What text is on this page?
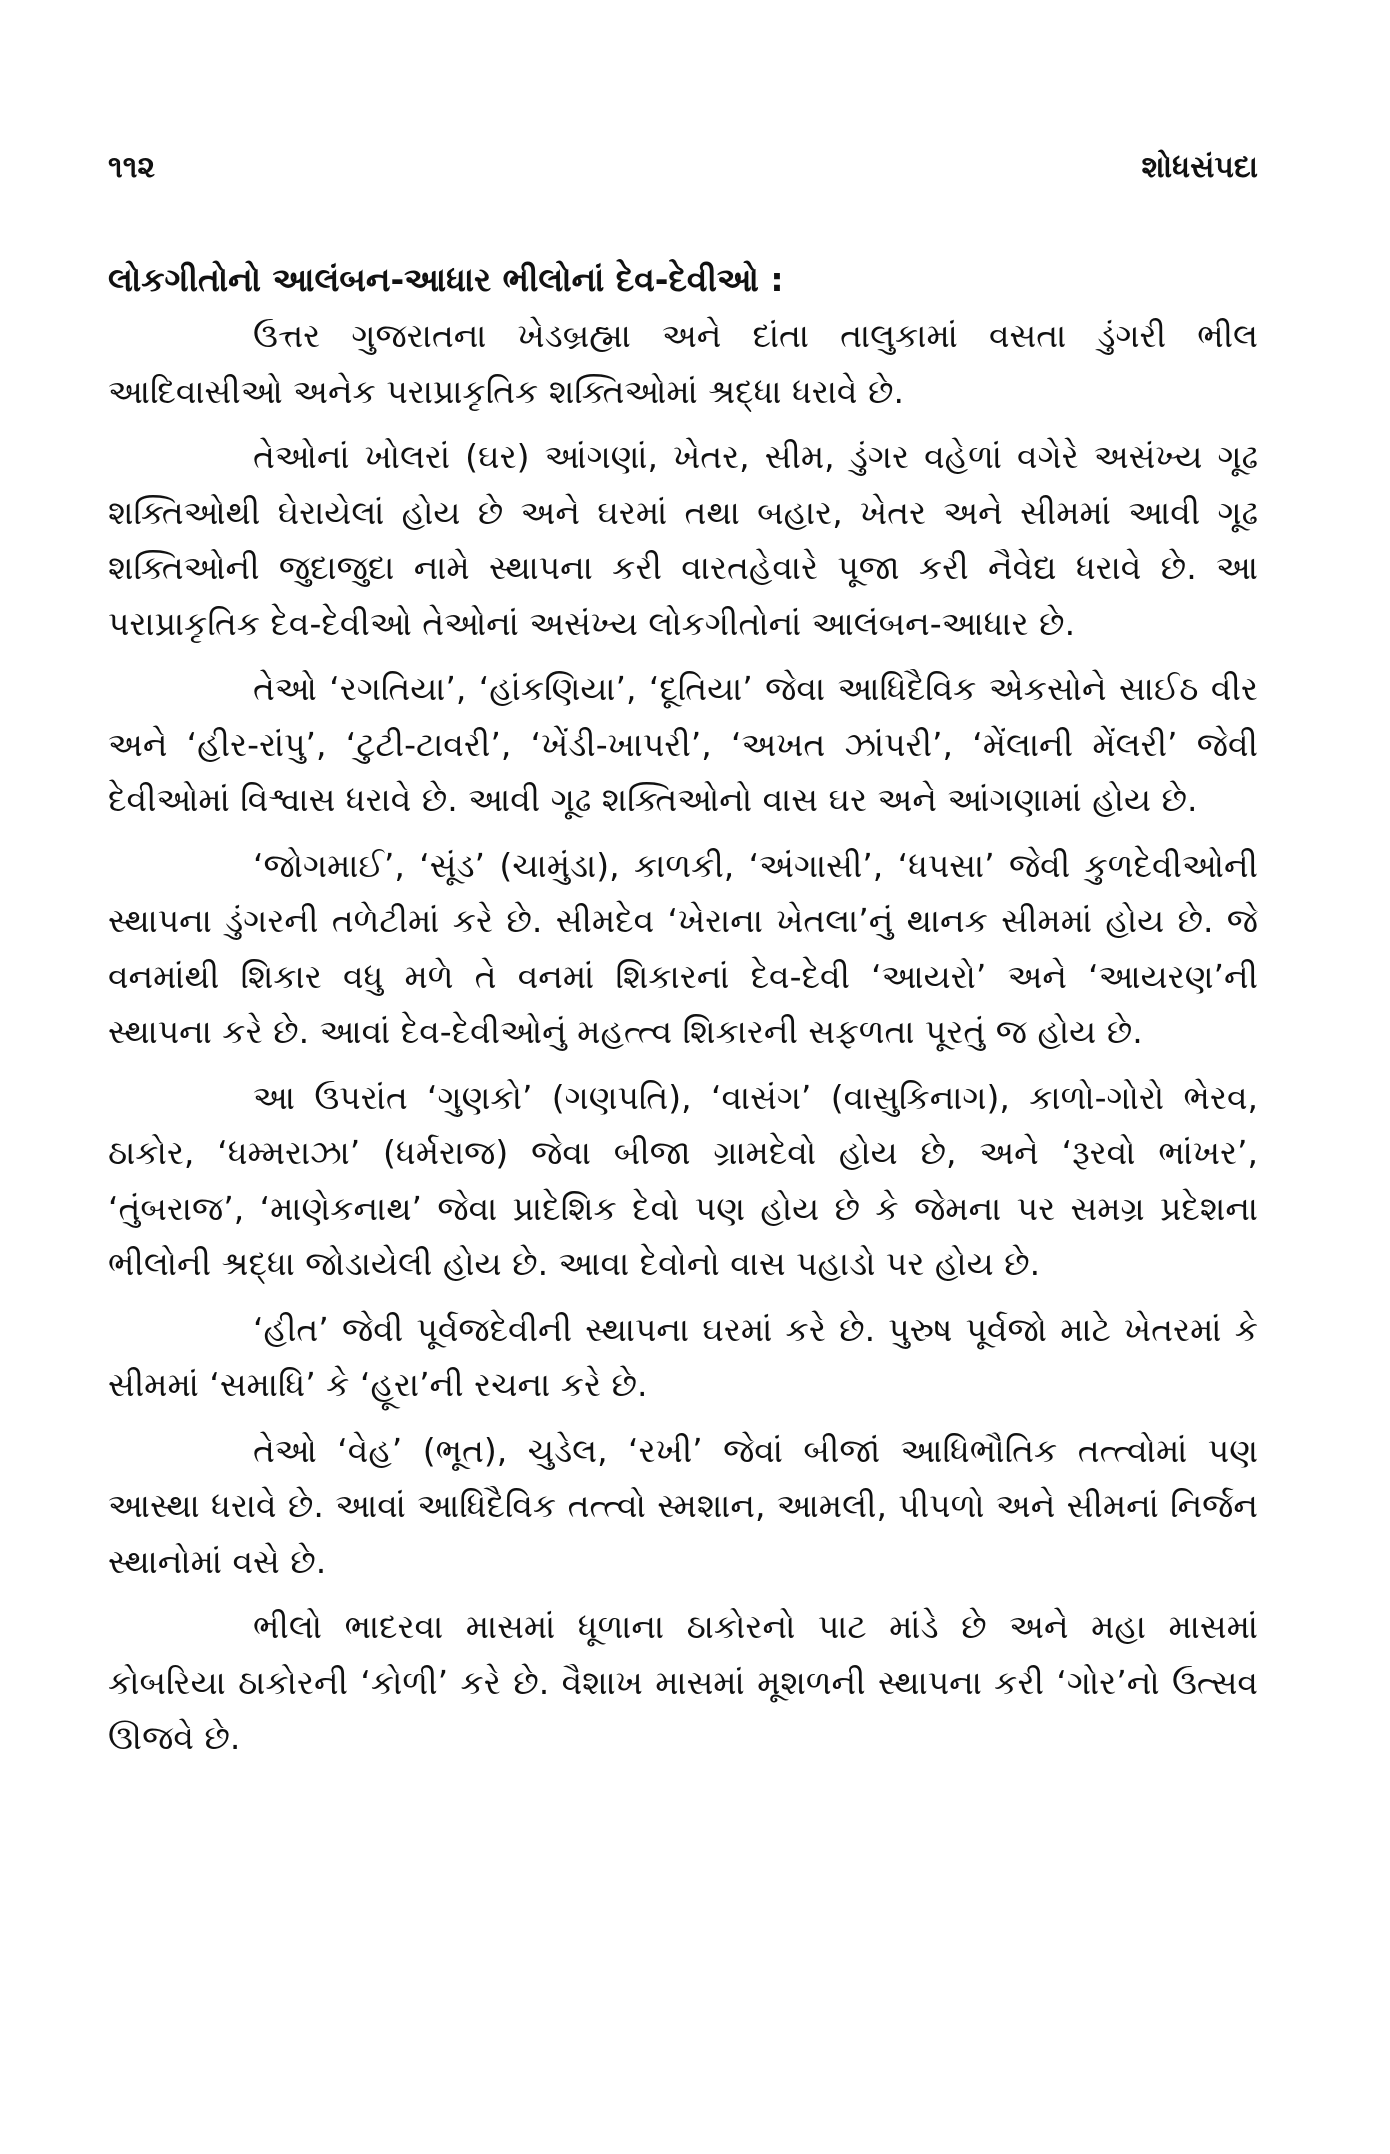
૧૧૨	શોધસંપદા
લોકગીતોનો આલંબન-આધાર ભીલોનાં દેવ-દેવીઓ :

ઉત્તર ગુજરાતના ખેડબ્રહ્મા અને દાંતા તાલુકામાં વસતા ડુંગરી ભીલ આદિવાસીઓ અનેક પરાપ્રાકૃતિક શક્તિઓમાં શ્રદ્ધા ધરાવે છે.

તેઓનાં ખોલરાં (ઘર) આંગણાં, ખેતર, સીમ, ડુંગર વહેળાં વગેરે અસંખ્ય ગૂઢ શક્તિઓથી ઘેરાયેલાં હોય છે અને ઘરમાં તથા બહાર, ખેતર અને સીમમાં આવી ગૂઢ શક્તિઓની જુદાજુદા નામે સ્થાપના કરી વારતહેવારે પૂજા કરી નૈવેદ્ય ધરાવે છે. આ પરાપ્રાકૃતિક દેવ-દેવીઓ તેઓનાં અસંખ્ય લોકગીતોનાં આલંબન-આધાર છે.

તેઓ ‘રગતિયા’, ‘હાંકણિયા’, ‘દૂતિયા’ જેવા આધિદૈવિક એકસોને સાઈઠ વીર અને ‘હીર-રાંપુ’, ‘ટુટી-ટાવરી’, ‘ખેંડી-ખાપરી’, ‘અખત ઝાંપરી’, ‘મેંલાની મેંલરી’ જેવી દેવીઓમાં વિશ્વાસ ધરાવે છે. આવી ગૂઢ શક્તિઓનો વાસ ઘર અને આંગણામાં હોય છે.

‘જોગમાઈ’, ‘સૂંડ’ (ચામુંડા), કાળકી, ‘અંગાસી’, ‘ધપસા’ જેવી કુળદેવીઓની સ્થાપના ડુંગરની તળેટીમાં કરે છે. સીમદેવ ‘ખેરાના ખેતલા’નું થાનક સીમમાં હોય છે. જે વનમાંથી શિકાર વધુ મળે તે વનમાં શિકારનાં દેવ-દેવી ‘આયરો’ અને ‘આયરણ’ની સ્થાપના કરે છે. આવાં દેવ-દેવીઓનું મહત્ત્વ શિકારની સફળતા પૂરતું જ હોય છે.

આ ઉપરાંત ‘ગુણકો’ (ગણપતિ), ‘વાસંગ’ (વાસુકિનાગ), કાળો-ગોરો ભેરવ, ઠાકોર, ‘ધમ્મરાઝા’ (ધર્મરાજ) જેવા બીજા ગ્રામદેવો હોય છે, અને ‘રૂરવો ભાંખર’, ‘તુંબરાજ’, ‘માણેકનાથ’ જેવા પ્રાદેશિક દેવો પણ હોય છે કે જેમના પર સમગ્ર પ્રદેશના ભીલોની શ્રદ્ધા જોડાયેલી હોય છે. આવા દેવોનો વાસ પહાડો પર હોય છે.

‘હીત’ જેવી પૂર્વજદેવીની સ્થાપના ઘરમાં કરે છે. પુરુષ પૂર્વજો માટે ખેતરમાં કે સીમમાં ‘સમાધિ’ કે ‘હૂરા’ની રચના કરે છે.

તેઓ ‘વેહ’ (ભૂત), ચુડેલ, ‘રખી’ જેવાં બીજાં આધિભૌતિક તત્ત્વોમાં પણ આસ્થા ધરાવે છે. આવાં આધિદૈવિક તત્ત્વો સ્મશાન, આમલી, પીપળો અને સીમનાં નિર્જન સ્થાનોમાં વસે છે.

ભીલો ભાદરવા માસમાં ધૂળાના ઠાકોરનો પાટ માંડે છે અને મહા માસમાં કોબરિયા ઠાકોરની ‘કોળી’ કરે છે. વૈશાખ માસમાં મૂશળની સ્થાપના કરી ‘ગોર’નો ઉત્સવ ઊજવે છે.
